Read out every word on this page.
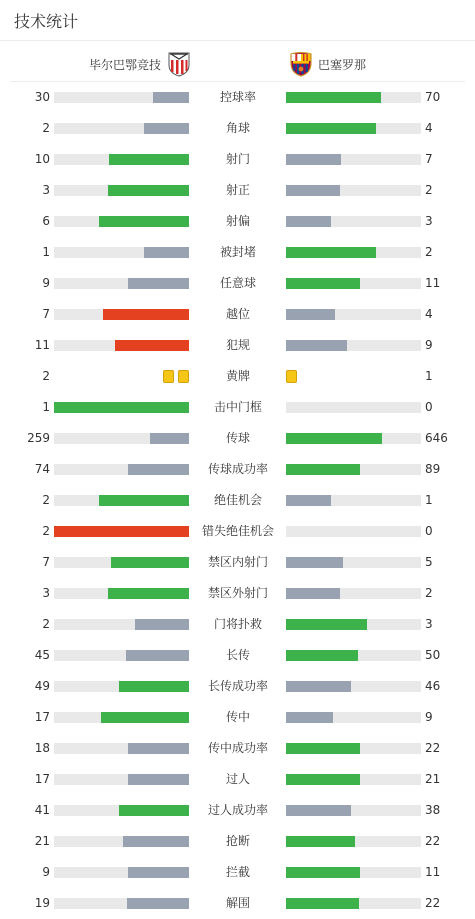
技术统计
毕尔巴鄂竞技	巴塞罗那
30	控球率	70
2	角球	4
10	射门	7
3	射正	2
6	射偏	3
1	被封堵	2
9	任意球	11
7	越位	4
11	犯规	9
2	黄牌	1
1	击中门框	0
259	传球	646
74	传球成功率	89
2	绝佳机会	1
2	错失绝佳机会	0
7	禁区内射门	5
3	禁区外射门	2
2	门将扑救	3
45	长传	50
49	长传成功率	46
17	传中	9
18	传中成功率	22
17	过人	21
41	过人成功率	38
21	抢断	22
9	拦截	11
19	解围	22
